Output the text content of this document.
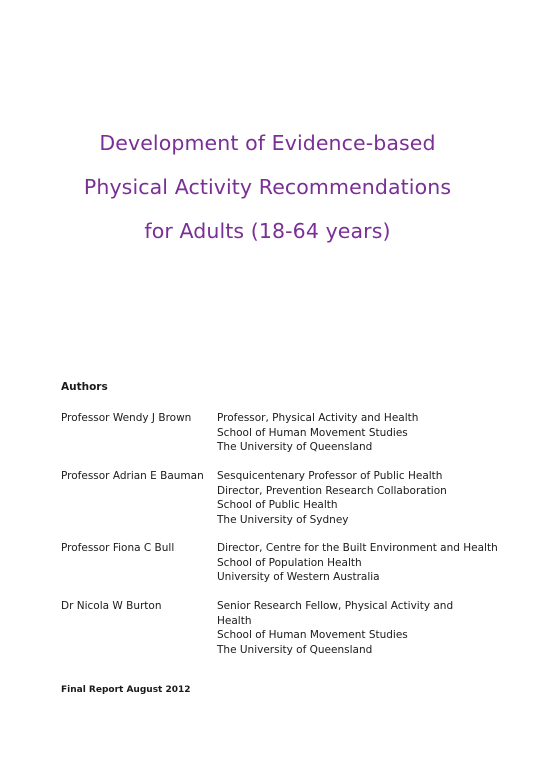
Development of Evidence-based
Physical Activity Recommendations
for Adults (18-64 years)
Authors
Professor Wendy J Brown	Professor, Physical Activity and Health
School of Human Movement Studies
The University of Queensland
Professor Adrian E Bauman	Sesquicentenary Professor of Public Health
Director, Prevention Research Collaboration
School of Public Health
The University of Sydney
Professor Fiona C Bull	Director, Centre for the Built Environment and Health
School of Population Health
University of Western Australia
Dr Nicola W Burton	Senior Research Fellow, Physical Activity and Health
School of Human Movement Studies
The University of Queensland
Final Report August 2012
